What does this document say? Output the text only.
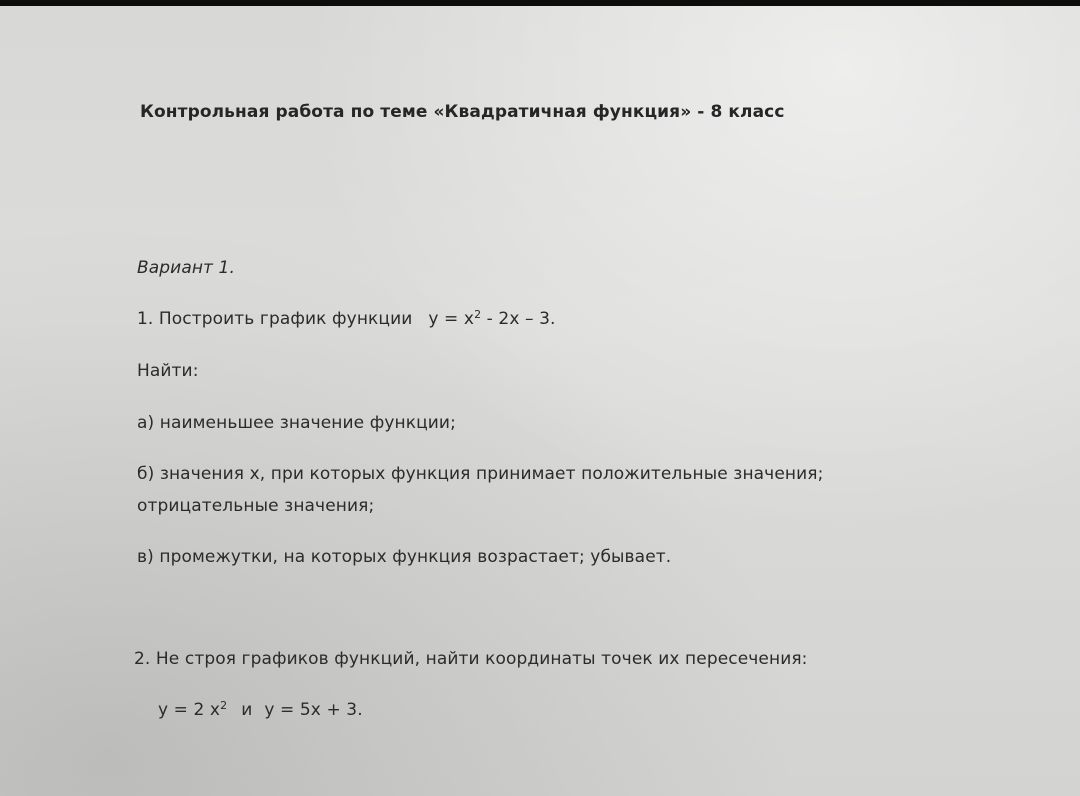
Контрольная работа по теме «Квадратичная функция» - 8 класс
Вариант 1.
1. Построить график функции $y = x^2 - 2x - 3$.
Найти:
а) наименьшее значение функции;
б) значения х, при которых функция принимает положительные значения;
отрицательные значения;
в) промежутки, на которых функция возрастает; убывает.
2. Не строя графиков функций, найти координаты точек их пересечения:
y = 2 $x^2$ и y = 5x + 3.
